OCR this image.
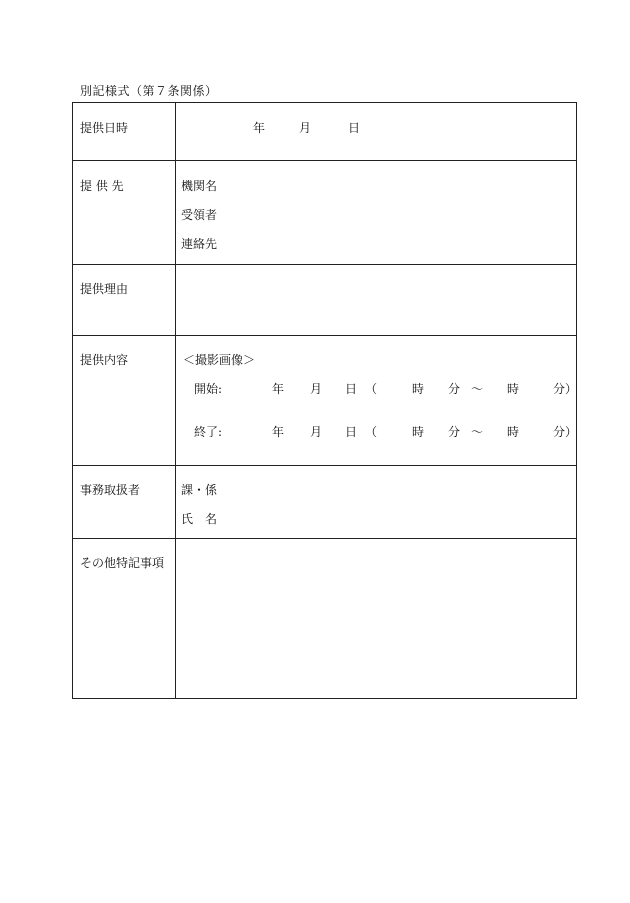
別記様式（第７条関係）
提供日時	年	月	日
提 供 先	機関名
受領者
連絡先
提供理由
提供内容	＜撮影画像＞
開始:	年 月 日 （	時 分 ～ 時	分）
終了:	年 月 日 （	時 分 ～ 時	分）
事務取扱者	課・係
氏　名
その他特記事項
